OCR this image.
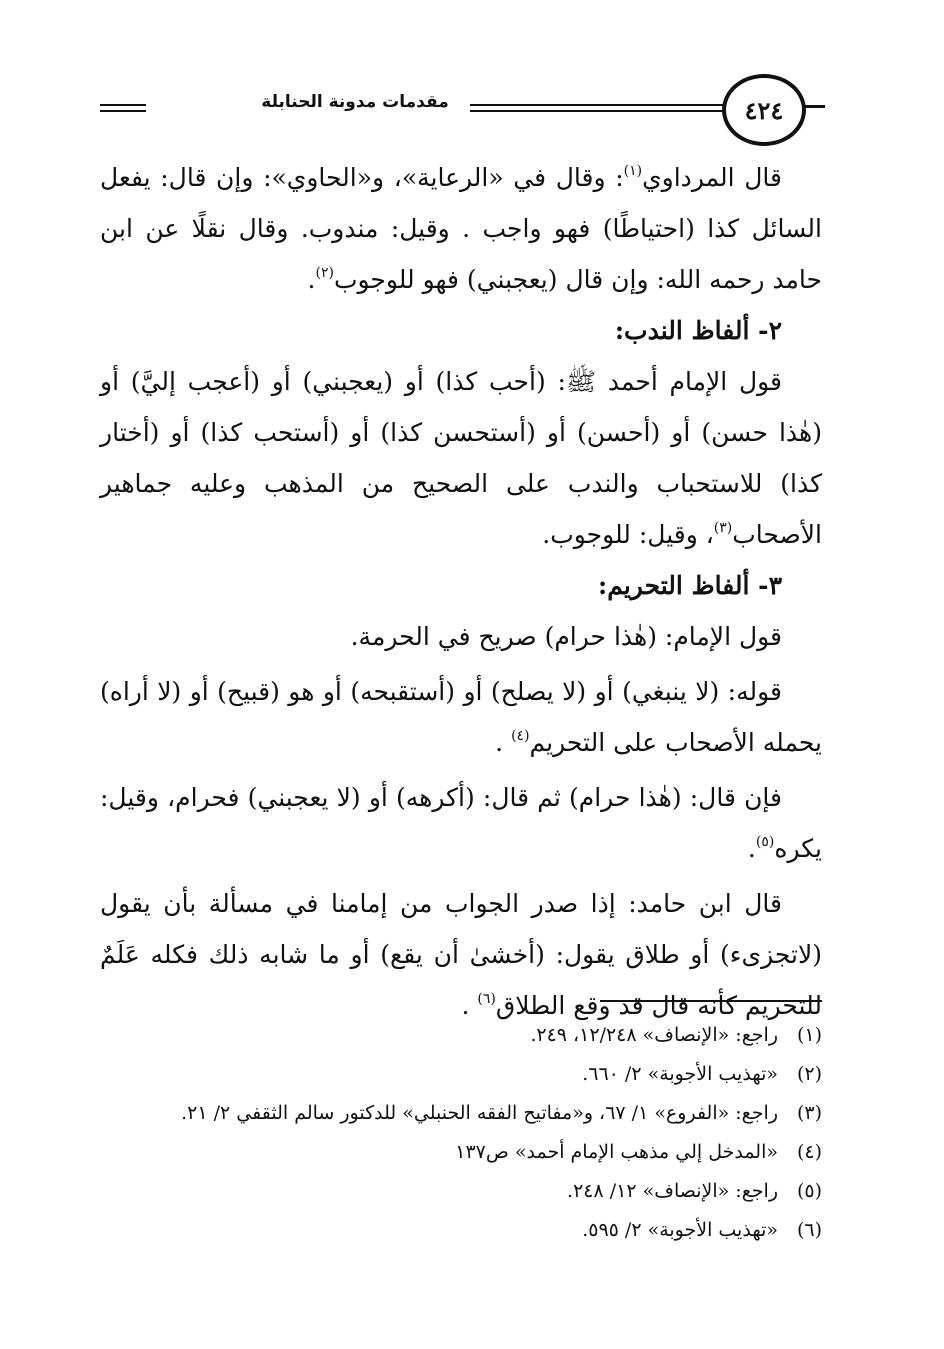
مقدمات مدونة الحنابلة	٤٢٤

قال المرداوي$^{(١)}$: وقال في «الرعاية»، و«الحاوي»: وإن قال: يفعل السائل كذا (احتياطًا) فهو واجب . وقيل: مندوب. وقال نقلًا عن ابن حامد رحمه الله: وإن قال (يعجبني) فهو للوجوب$^{(٢)}$.

٢- ألفاظ الندب:

قول الإمام أحمد ﷺ: (أحب كذا) أو (يعجبني) أو (أعجب إليَّ) أو (هٰذا حسن) أو (أحسن) أو (أستحسن كذا) أو (أستحب كذا) أو (أختار كذا) للاستحباب والندب على الصحيح من المذهب وعليه جماهير الأصحاب$^{(٣)}$، وقيل: للوجوب.

٣- ألفاظ التحريم:

قول الإمام: (هٰذا حرام) صريح في الحرمة.

قوله: (لا ينبغي) أو (لا يصلح) أو (أستقبحه) أو هو (قبيح) أو (لا أراه) يحمله الأصحاب على التحريم$^{(٤)}$ .

فإن قال: (هٰذا حرام) ثم قال: (أكرهه) أو (لا يعجبني) فحرام، وقيل: يكره$^{(٥)}$.

قال ابن حامد: إذا صدر الجواب من إمامنا في مسألة بأن يقول (لاتجزىء) أو طلاق يقول: (أخشىٰ أن يقع) أو ما شابه ذلك فكله عَلَمٌ للتحريم كأنه قال قد وقع الطلاق$^{(٦)}$ .

(١)
راجع: «الإنصاف» ١٢/٢٤٨، ٢٤٩.
(٢)
«تهذيب الأجوبة» ٢/ ٦٦٠.
(٣)
راجع: «الفروع» ١/ ٦٧، و«مفاتيح الفقه الحنبلي» للدكتور سالم الثقفي ٢/ ٢١.
(٤)
«المدخل إلي مذهب الإمام أحمد» ص١٣٧
(٥)
راجع: «الإنصاف» ١٢/ ٢٤٨.
(٦)
«تهذيب الأجوبة» ٢/ ٥٩٥.
